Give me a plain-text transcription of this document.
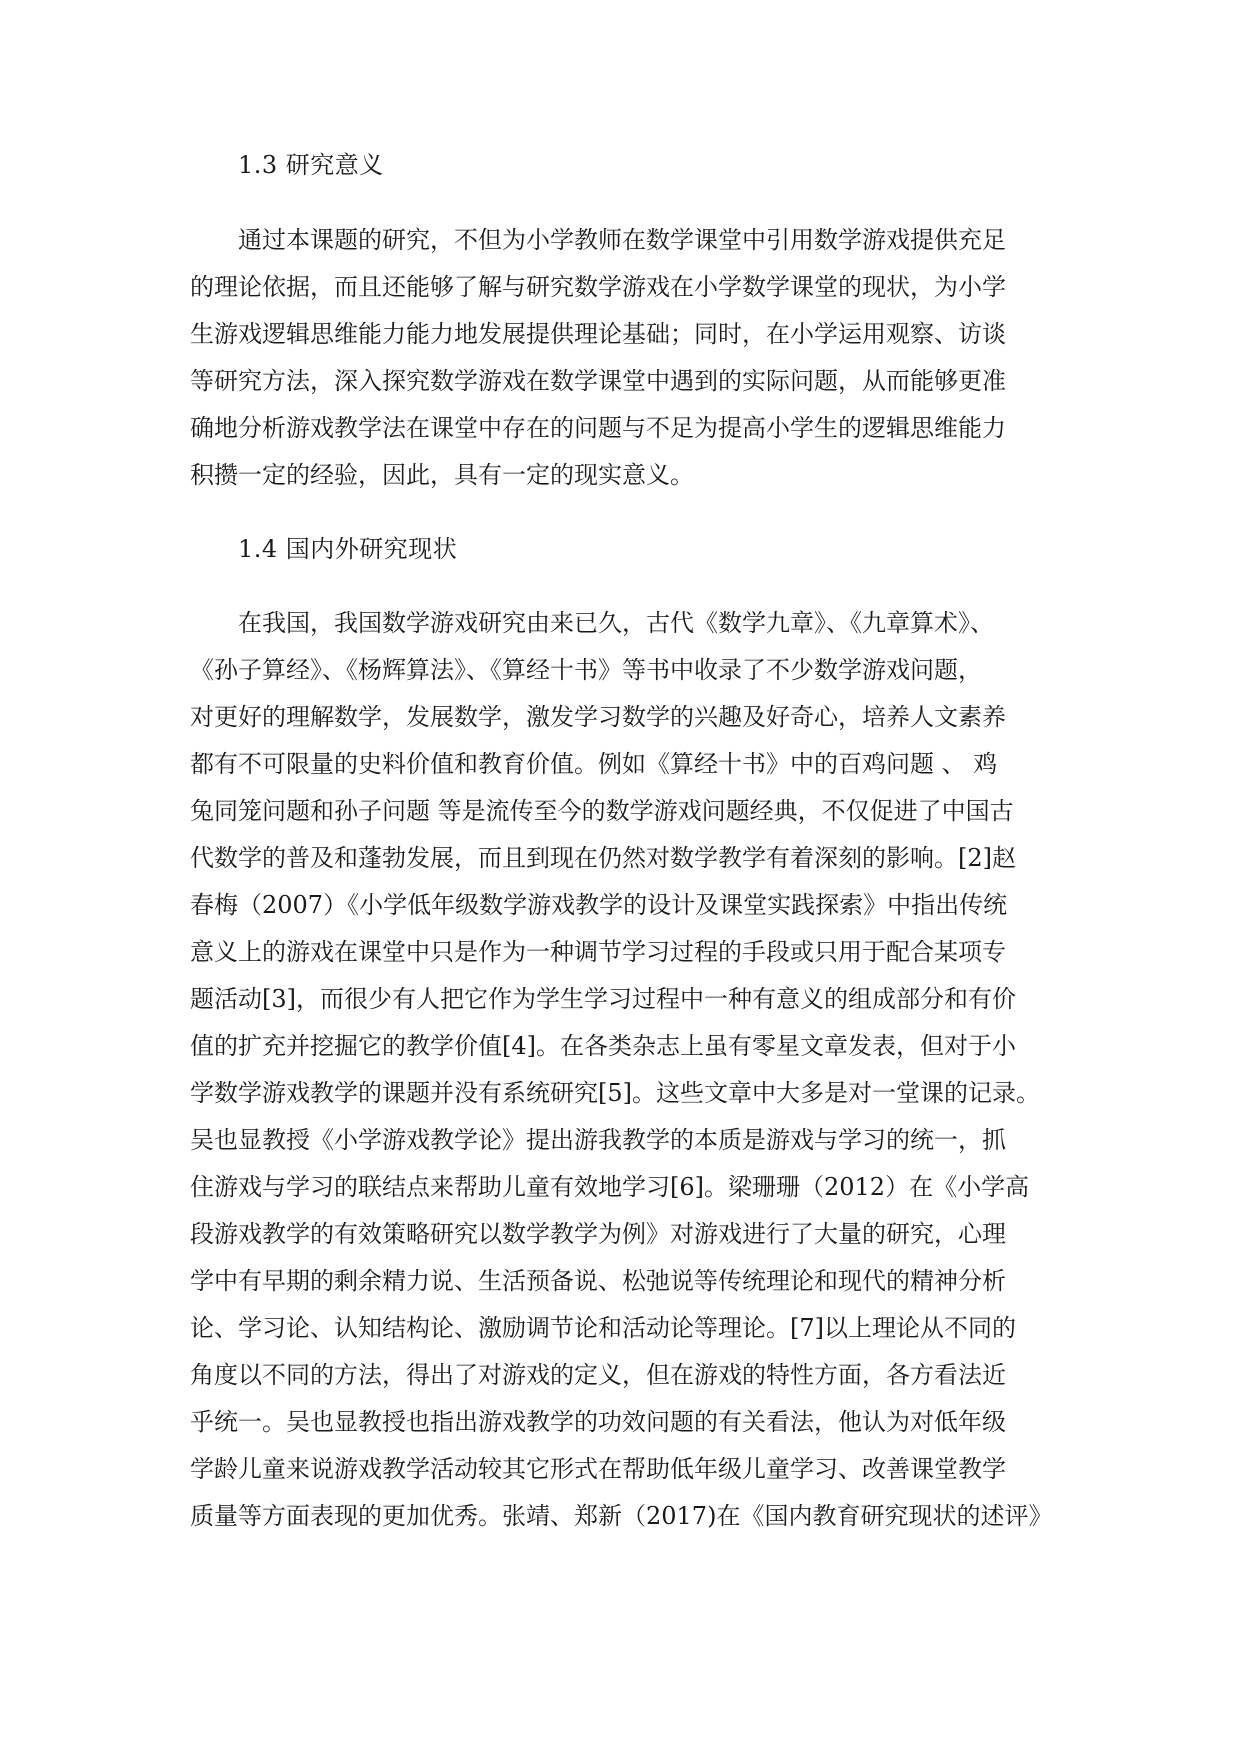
1.3 研究意义
通过本课题的研究，不但为小学教师在数学课堂中引用数学游戏提供充足
的理论依据，而且还能够了解与研究数学游戏在小学数学课堂的现状，为小学
生游戏逻辑思维能力能力地发展提供理论基础；同时，在小学运用观察、访谈
等研究方法，深入探究数学游戏在数学课堂中遇到的实际问题，从而能够更准
确地分析游戏教学法在课堂中存在的问题与不足为提高小学生的逻辑思维能力
积攒一定的经验，因此，具有一定的现实意义。
1.4 国内外研究现状
在我国，我国数学游戏研究由来已久，古代《数学九章》、《九章算术》、
《孙子算经》、《杨辉算法》、《算经十书》等书中收录了不少数学游戏问题，
对更好的理解数学，发展数学，激发学习数学的兴趣及好奇心，培养人文素养
都有不可限量的史料价值和教育价值。例如《算经十书》中的百鸡问题 、 鸡
兔同笼问题和孙子问题 等是流传至今的数学游戏问题经典，不仅促进了中国古
代数学的普及和蓬勃发展，而且到现在仍然对数学教学有着深刻的影响。[2]赵
春梅（2007）《小学低年级数学游戏教学的设计及课堂实践探索》中指出传统
意义上的游戏在课堂中只是作为一种调节学习过程的手段或只用于配合某项专
题活动[3]，而很少有人把它作为学生学习过程中一种有意义的组成部分和有价
值的扩充并挖掘它的教学价值[4]。在各类杂志上虽有零星文章发表，但对于小
学数学游戏教学的课题并没有系统研究[5]。这些文章中大多是对一堂课的记录。
吴也显教授《小学游戏教学论》提出游我教学的本质是游戏与学习的统一，抓
住游戏与学习的联结点来帮助儿童有效地学习[6]。梁珊珊（2012）在《小学高
段游戏教学的有效策略研究以数学教学为例》对游戏进行了大量的研究，心理
学中有早期的剩余精力说、生活预备说、松弛说等传统理论和现代的精神分析
论、学习论、认知结构论、激励调节论和活动论等理论。[7]以上理论从不同的
角度以不同的方法，得出了对游戏的定义，但在游戏的特性方面，各方看法近
乎统一。吴也显教授也指出游戏教学的功效问题的有关看法，他认为对低年级
学龄儿童来说游戏教学活动较其它形式在帮助低年级儿童学习、改善课堂教学
质量等方面表现的更加优秀。张靖、郑新（2017)在《国内教育研究现状的述评》
